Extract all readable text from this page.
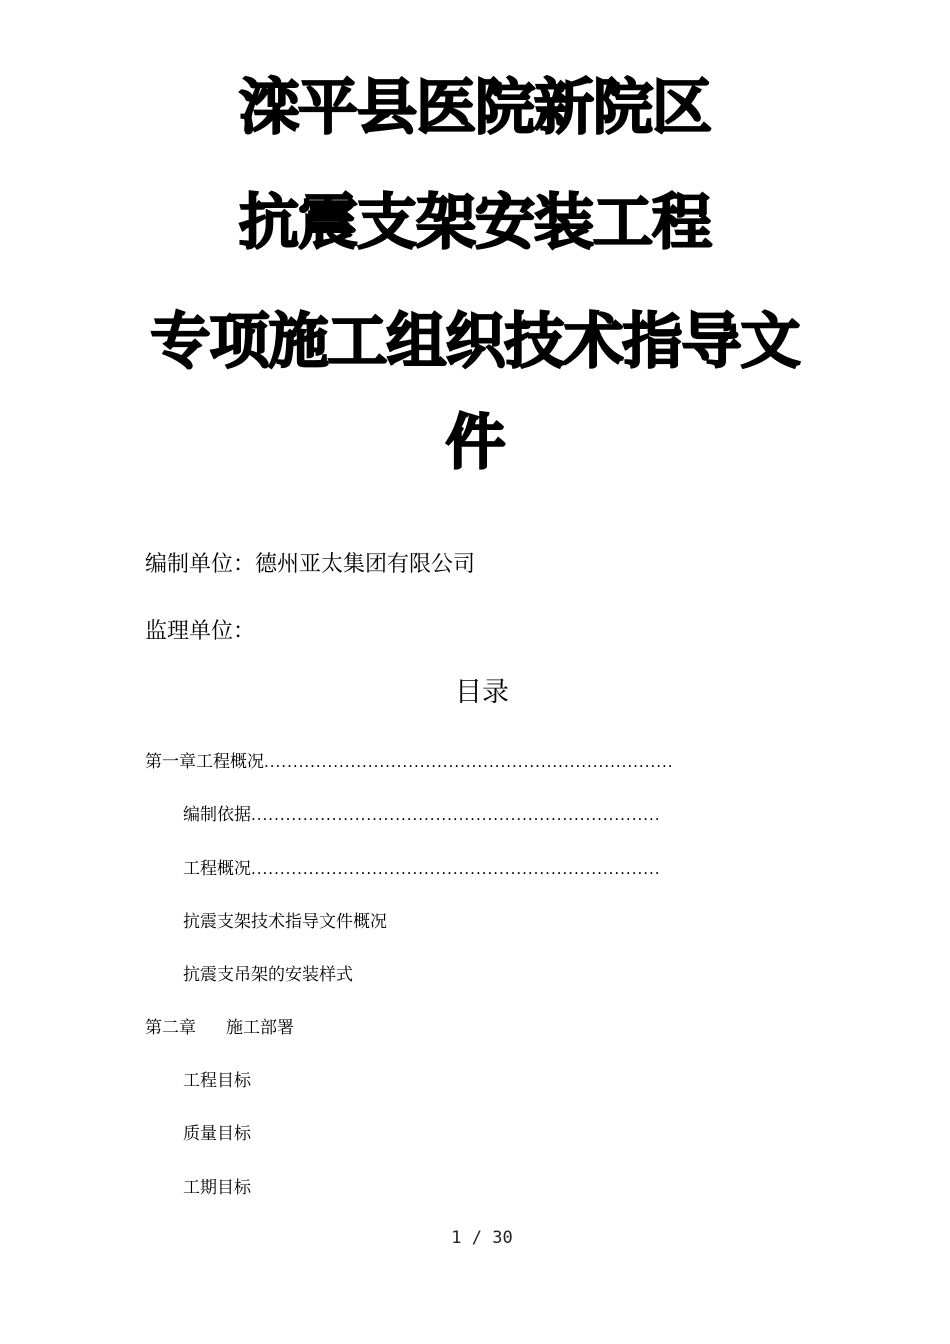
滦平县医院新院区
抗震支架安装工程
专项施工组织技术指导文
件
编制单位：德州亚太集团有限公司
监理单位：
目录
第一章工程概况 .......................................................................
编制依据 .......................................................................
工程概况 .......................................................................
抗震支架技术指导文件概况
抗震支吊架的安装样式
第二章 施工部署
工程目标
质量目标
工期目标
1 / 30
